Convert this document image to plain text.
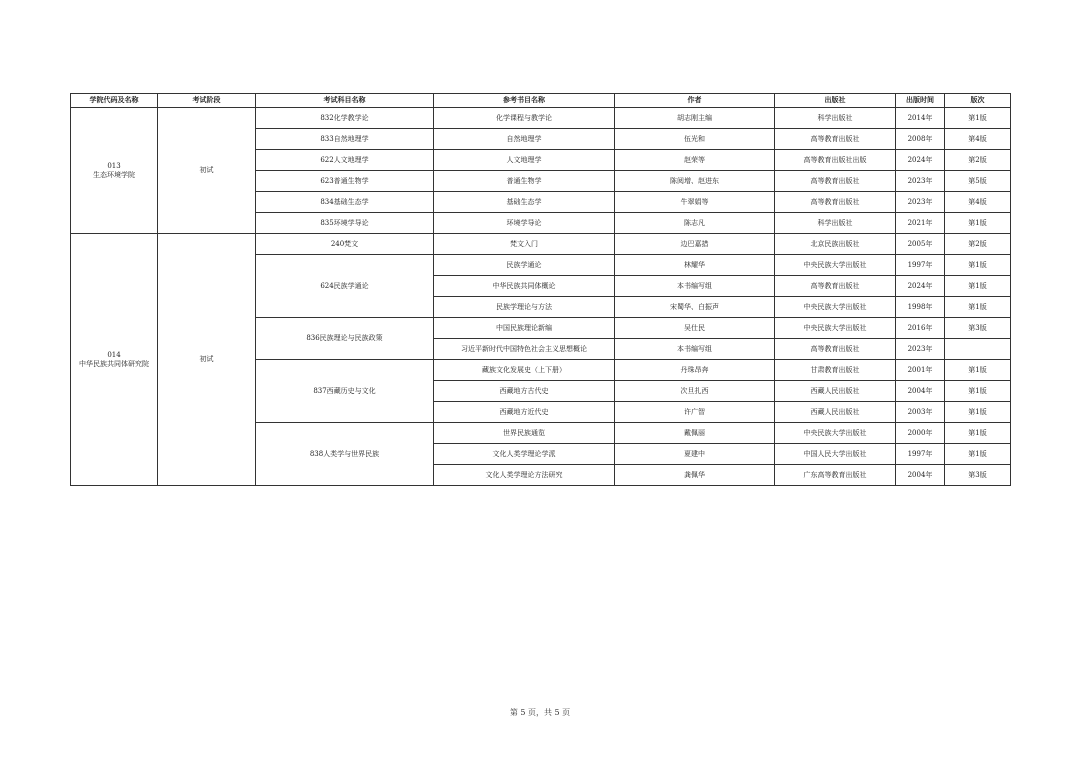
学院代码及名称	考试阶段	考试科目名称	参考书目名称	作者	出版社	出版时间	版次

013
生态环境学院	初试	832化学教学论	化学课程与教学论	胡志刚主编	科学出版社	2014年	第1版
		833自然地理学	自然地理学	伍光和	高等教育出版社	2008年	第4版
		622人文地理学	人文地理学	赵荣等	高等教育出版社出版	2024年	第2版
		623普通生物学	普通生物学	陈阅增、赵进东	高等教育出版社	2023年	第5版
		834基础生态学	基础生态学	牛翠娟等	高等教育出版社	2023年	第4版
		835环境学导论	环境学导论	陈志凡	科学出版社	2021年	第1版

014
中华民族共同体研究院	初试	240梵文	梵文入门	边巴嘉措	北京民族出版社	2005年	第2版
		624民族学通论	民族学通论	林耀华	中央民族大学出版社	1997年	第1版
			中华民族共同体概论	本书编写组	高等教育出版社	2024年	第1版
			民族学理论与方法	宋蜀华、白振声	中央民族大学出版社	1998年	第1版
		836民族理论与民族政策	中国民族理论新编	吴仕民	中央民族大学出版社	2016年	第3版
			习近平新时代中国特色社会主义思想概论	本书编写组	高等教育出版社	2023年	
		837西藏历史与文化	藏族文化发展史（上下册）	丹珠昂奔	甘肃教育出版社	2001年	第1版
			西藏地方古代史	次旦扎西	西藏人民出版社	2004年	第1版
			西藏地方近代史	许广智	西藏人民出版社	2003年	第1版
		838人类学与世界民族	世界民族通览	戴佩丽	中央民族大学出版社	2000年	第1版
			文化人类学理论学派	夏建中	中国人民大学出版社	1997年	第1版
			文化人类学理论方法研究	龚佩华	广东高等教育出版社	2004年	第3版
第 5 页，共 5 页
